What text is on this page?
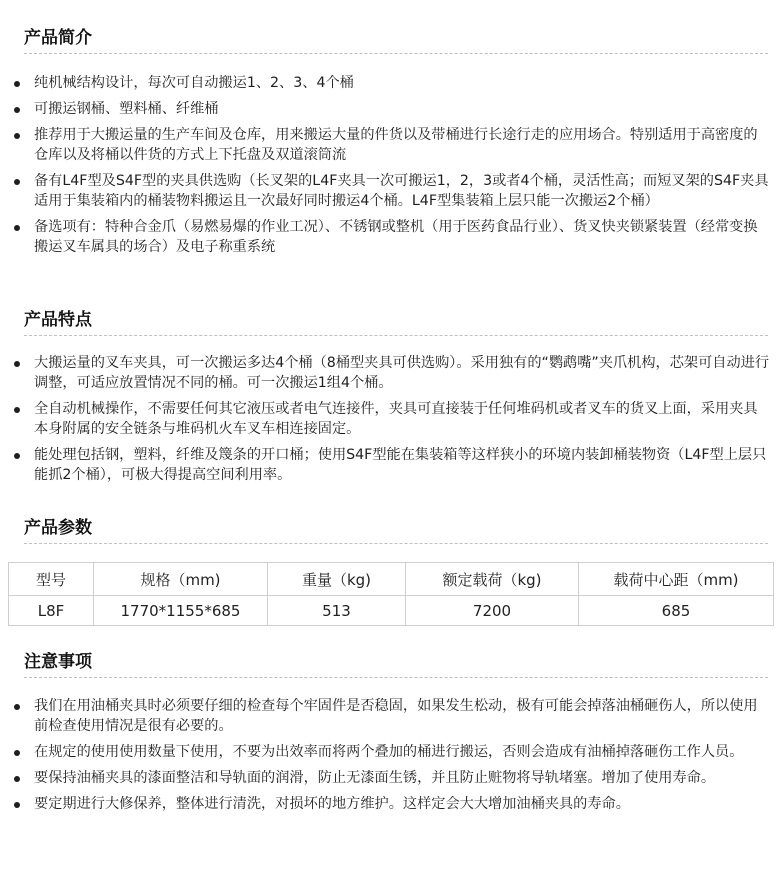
产品简介
纯机械结构设计，每次可自动搬运1、2、3、4个桶
可搬运钢桶、塑料桶、纤维桶
推荐用于大搬运量的生产车间及仓库，用来搬运大量的件货以及带桶进行长途行走的应用场合。特别适用于高密度的仓库以及将桶以件货的方式上下托盘及双道滚筒流
备有L4F型及S4F型的夹具供选购（长叉架的L4F夹具一次可搬运1，2，3或者4个桶，灵活性高；而短叉架的S4F夹具适用于集装箱内的桶装物料搬运且一次最好同时搬运4个桶。L4F型集装箱上层只能一次搬运2个桶）
备选项有：特种合金爪（易燃易爆的作业工况）、不锈钢或整机（用于医药食品行业）、货叉快夹锁紧装置（经常变换搬运叉车属具的场合）及电子称重系统
产品特点
大搬运量的叉车夹具，可一次搬运多达4个桶（8桶型夹具可供选购）。采用独有的“鹦鹉嘴”夹爪机构，芯架可自动进行调整，可适应放置情况不同的桶。可一次搬运1组4个桶。
全自动机械操作，不需要任何其它液压或者电气连接件，夹具可直接装于任何堆码机或者叉车的货叉上面，采用夹具本身附属的安全链条与堆码机火车叉车相连接固定。
能处理包括钢，塑料，纤维及篾条的开口桶；使用S4F型能在集装箱等这样狭小的环境内装卸桶装物资（L4F型上层只能抓2个桶），可极大得提高空间利用率。
产品参数
型号	规格（mm)	重量（kg)	额定载荷（kg)	载荷中心距（mm)
L8F	1770*1155*685	513	7200	685
注意事项
我们在用油桶夹具时必须要仔细的检查每个牢固件是否稳固，如果发生松动，极有可能会掉落油桶砸伤人，所以使用前检查使用情况是很有必要的。
在规定的使用使用数量下使用，不要为出效率而将两个叠加的桶进行搬运，否则会造成有油桶掉落砸伤工作人员。
要保持油桶夹具的漆面整洁和导轨面的润滑，防止无漆面生锈，并且防止赃物将导轨堵塞。增加了使用寿命。
要定期进行大修保养，整体进行清洗，对损坏的地方维护。这样定会大大增加油桶夹具的寿命。
